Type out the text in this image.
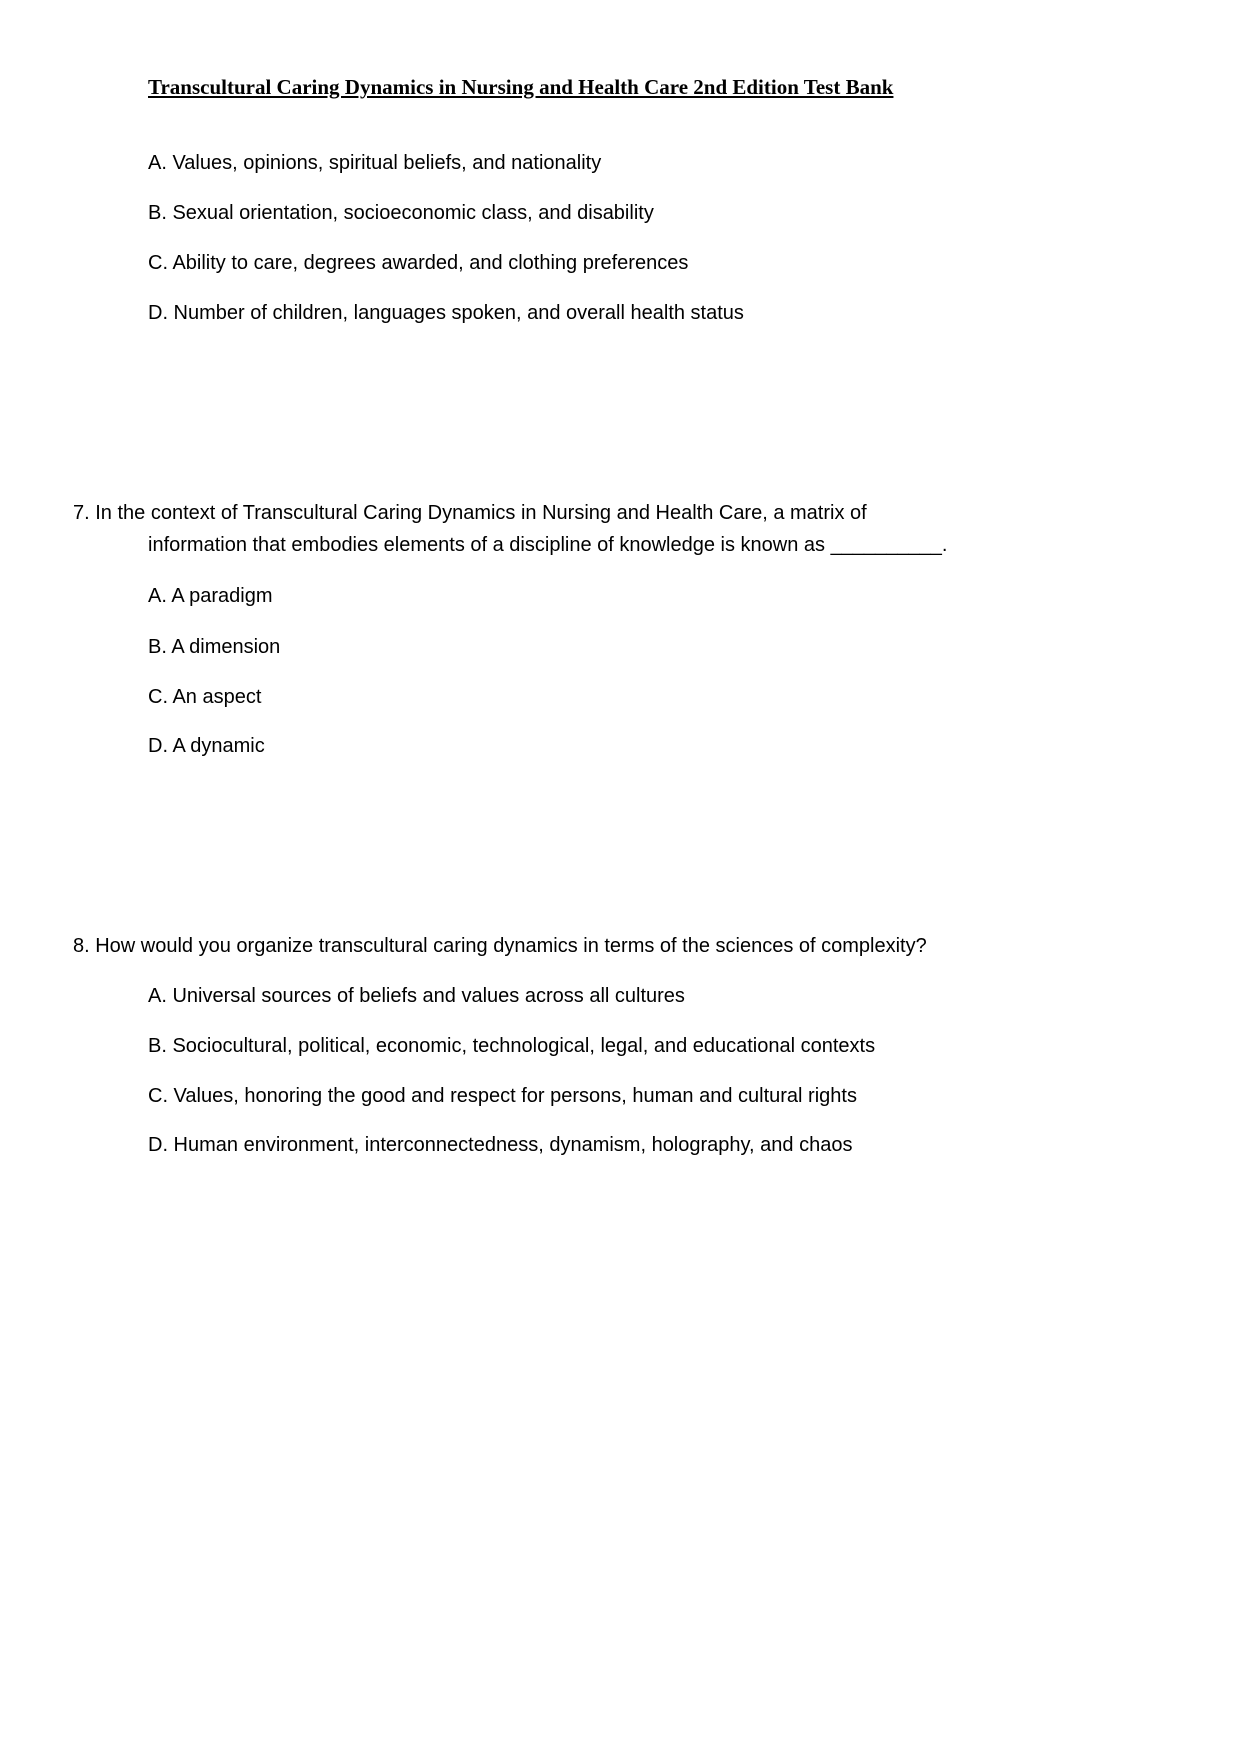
Transcultural Caring Dynamics in Nursing and Health Care 2nd Edition Test Bank
A. Values, opinions, spiritual beliefs, and nationality
B. Sexual orientation, socioeconomic class, and disability
C. Ability to care, degrees awarded, and clothing preferences
D. Number of children, languages spoken, and overall health status
7. In the context of Transcultural Caring Dynamics in Nursing and Health Care, a matrix of
information that embodies elements of a discipline of knowledge is known as __________.
A. A paradigm
B. A dimension
C. An aspect
D. A dynamic
8. How would you organize transcultural caring dynamics in terms of the sciences of complexity?
A. Universal sources of beliefs and values across all cultures
B. Sociocultural, political, economic, technological, legal, and educational contexts
C. Values, honoring the good and respect for persons, human and cultural rights
D. Human environment, interconnectedness, dynamism, holography, and chaos
